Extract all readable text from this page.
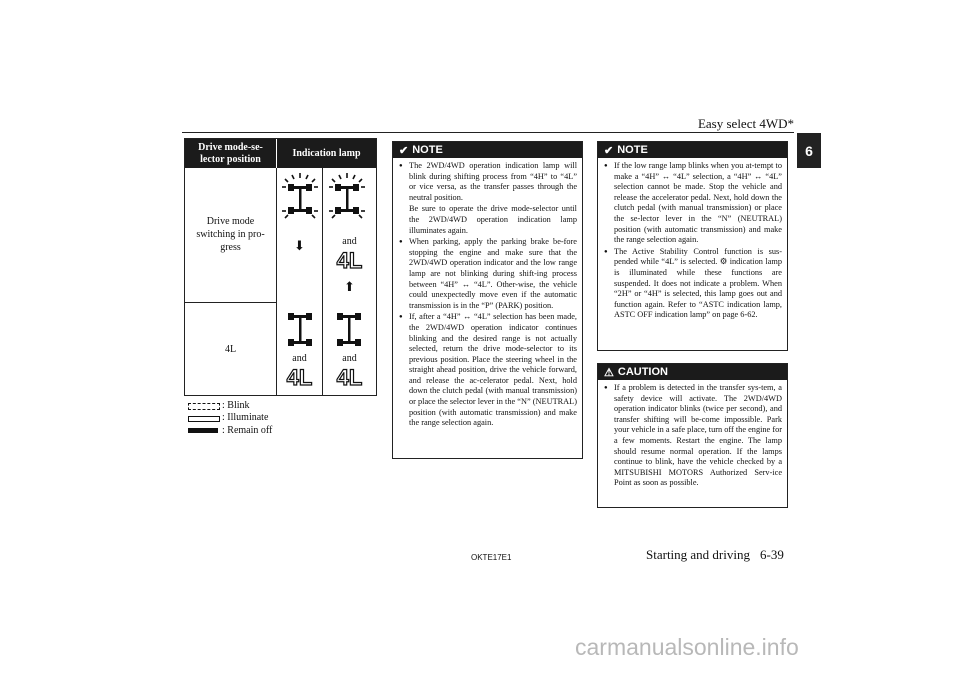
Easy select 4WD*
6
Drive mode-se-
lector position
Indication lamp
Drive mode
switching in pro-
gress
4L
⬇
and
4L
and
4L
⬆
and
4L
: Blink
: Illuminate
: Remain off
✔ NOTE
● The 2WD/4WD operation indication lamp will blink during shifting process from “4H” to “4L” or vice versa, as the transfer passes through the neutral position.
Be sure to operate the drive mode-selector until the 2WD/4WD operation indication lamp illuminates again.
● When parking, apply the parking brake be-fore stopping the engine and make sure that the 2WD/4WD operation indicator and the low range lamp are not blinking during shift-ing process between “4H” ↔ “4L”. Other-wise, the vehicle could unexpectedly move even if the automatic transmission is in the “P” (PARK) position.
● If, after a “4H” ↔ “4L” selection has been made, the 2WD/4WD operation indicator continues blinking and the desired range is not actually selected, return the drive mode-selector to its previous position. Place the steering wheel in the straight ahead position, drive the vehicle forward, and release the ac-celerator pedal. Next, hold down the clutch pedal (with manual transmission) or place the selector lever in the “N” (NEUTRAL) position (with automatic transmission) and make the range selection again.
✔ NOTE
● If the low range lamp blinks when you at-tempt to make a “4H” ↔ “4L” selection, a “4H” ↔ “4L” selection cannot be made. Stop the vehicle and release the accelerator pedal. Next, hold down the clutch pedal (with manual transmission) or place the se-lector lever in the “N” (NEUTRAL) position (with automatic transmission) and make the range selection again.
● The Active Stability Control function is sus-pended while “4L” is selected. ⚙ indication lamp is illuminated while these functions are suspended. It does not indicate a problem. When “2H” or “4H” is selected, this lamp goes out and function again. Refer to “ASTC indication lamp, ASTC OFF indication lamp” on page 6-62.
⚠ CAUTION
● If a problem is detected in the transfer sys-tem, a safety device will activate. The 2WD/4WD operation indicator blinks (twice per second), and transfer shifting will be-come impossible. Park your vehicle in a safe place, turn off the engine for a few moments. Restart the engine. The lamp should resume normal operation. If the lamps continue to blink, have the vehicle checked by a MITSUBISHI MOTORS Authorized Serv-ice Point as soon as possible.
OKTE17E1	Starting and driving 6-39
carmanualsonline.info
